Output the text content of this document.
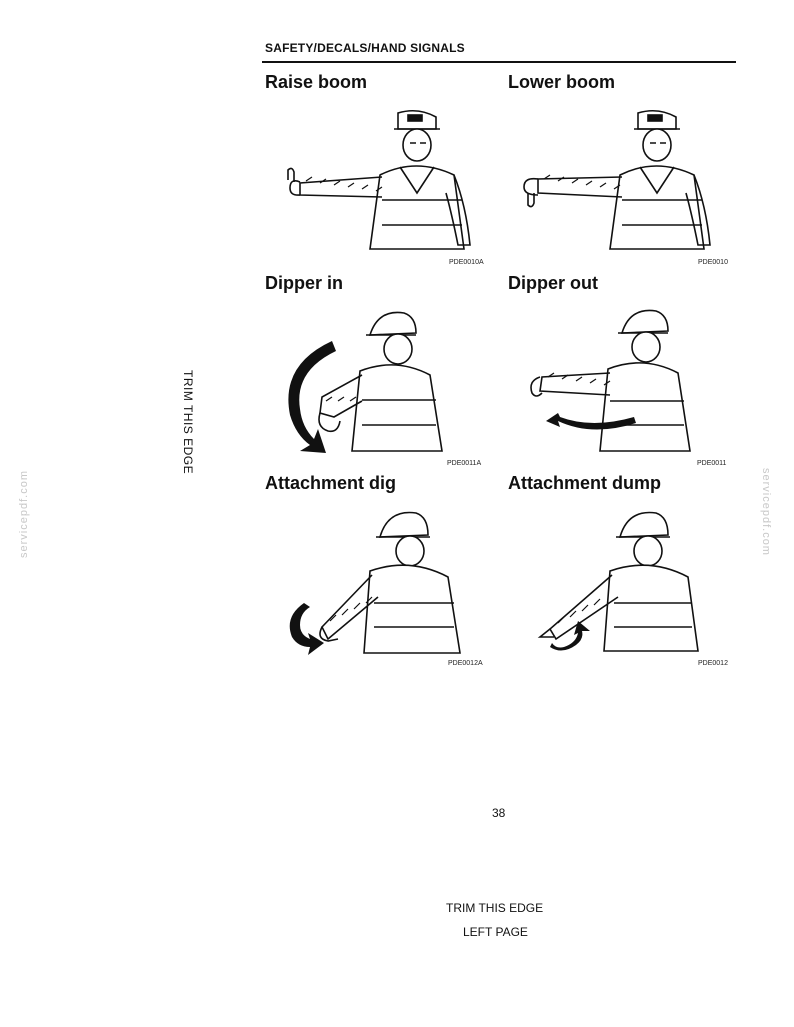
SAFETY/DECALS/HAND SIGNALS
TRIM THIS EDGE
servicepdf.com	servicepdf.com
Raise boom
PDE0010A
Lower boom
PDE0010
Dipper in
PDE0011A
Dipper out
PDE0011
Attachment dig
PDE0012A
Attachment dump
PDE0012
38
TRIM THIS EDGE
LEFT PAGE
